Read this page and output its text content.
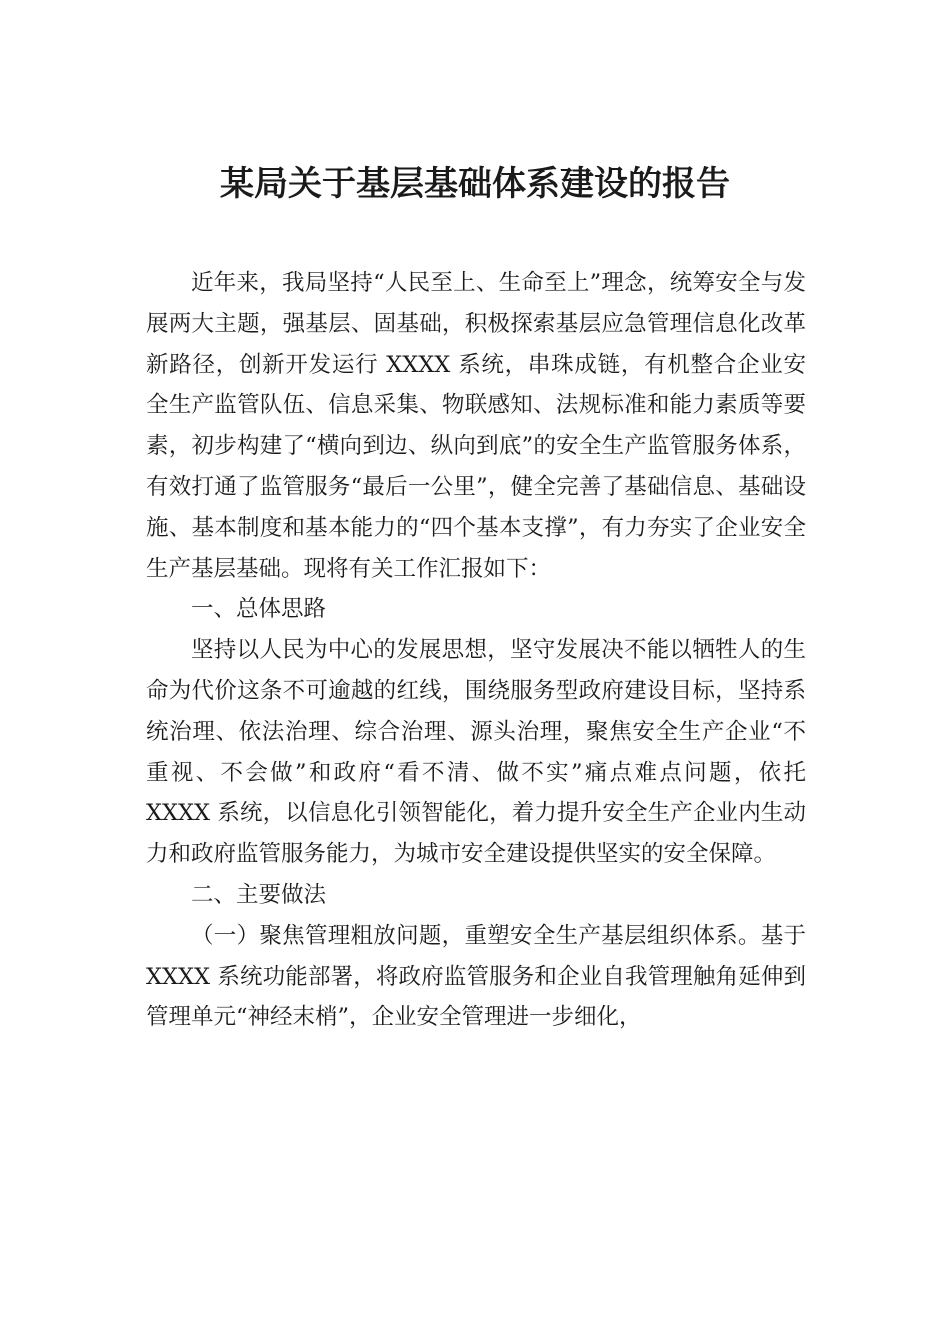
某局关于基层基础体系建设的报告

近年来，我局坚持“人民至上、生命至上”理念，统筹安全与发展两大主题，强基层、固基础，积极探索基层应急管理信息化改革新路径，创新开发运行 XXXX 系统，串珠成链，有机整合企业安全生产监管队伍、信息采集、物联感知、法规标准和能力素质等要素，初步构建了“横向到边、纵向到底”的安全生产监管服务体系，有效打通了监管服务“最后一公里”，健全完善了基础信息、基础设施、基本制度和基本能力的“四个基本支撑”，有力夯实了企业安全生产基层基础。现将有关工作汇报如下：

一、总体思路

坚持以人民为中心的发展思想，坚守发展决不能以牺牲人的生命为代价这条不可逾越的红线，围绕服务型政府建设目标，坚持系统治理、依法治理、综合治理、源头治理，聚焦安全生产企业“不重视、不会做”和政府“看不清、做不实”痛点难点问题，依托 XXXX 系统，以信息化引领智能化，着力提升安全生产企业内生动力和政府监管服务能力，为城市安全建设提供坚实的安全保障。

二、主要做法

（一）聚焦管理粗放问题，重塑安全生产基层组织体系。基于 XXXX 系统功能部署，将政府监管服务和企业自我管理触角延伸到管理单元“神经末梢”，企业安全管理进一步细化，
